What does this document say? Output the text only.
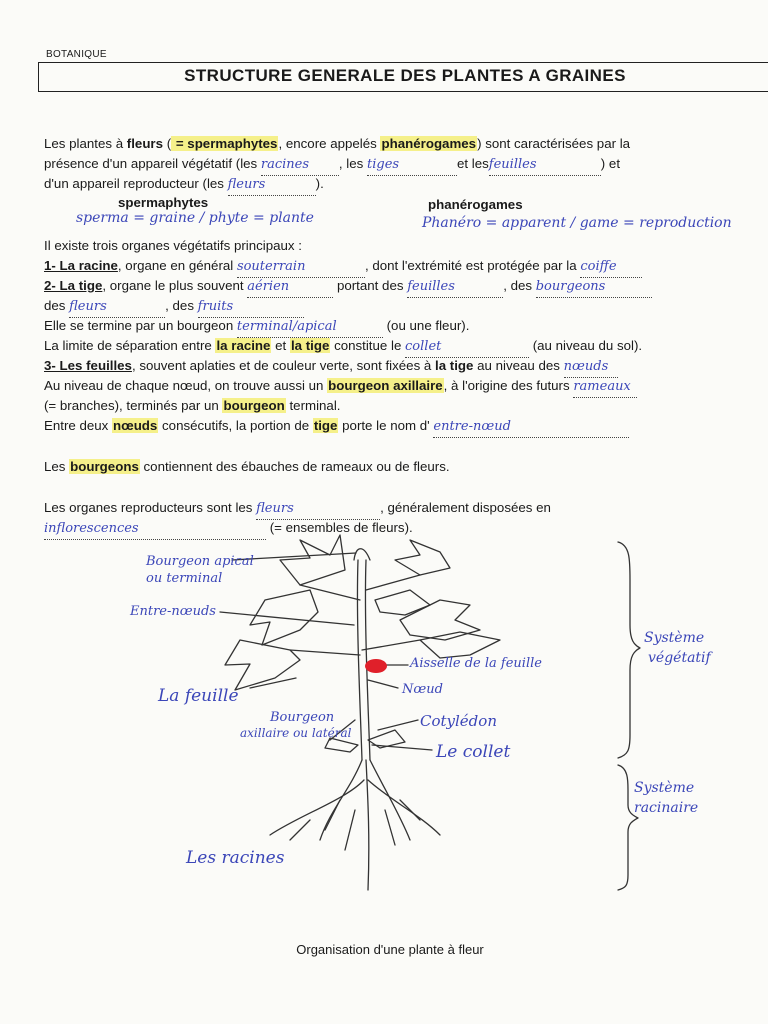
BOTANIQUE
STRUCTURE GENERALE DES PLANTES A GRAINES
Les plantes à fleurs ( = spermaphytes, encore appelés phanérogames) sont caractérisées par la
présence d'un appareil végétatif (les racines , les tiges	et lesfeuilles	) et
d'un appareil reproducteur (les fleurs	).
spermaphytes
sperma = graine / phyte = plante
phanérogames
Phanéro = apparent / game = reproduction
Il existe trois organes végétatifs principaux :
1- La racine, organe en général souterrain	, dont l'extrémité est protégée par la coiffe
2- La tige, organe le plus souvent aérien	portant des feuilles	, des bourgeons
des fleurs	, des fruits
Elle se termine par un bourgeon terminal/apical	(ou une fleur).
La limite de séparation entre la racine et la tige constitue le collet	(au niveau du sol).
3- Les feuilles, souvent aplaties et de couleur verte, sont fixées à la tige au niveau des nœuds
Au niveau de chaque nœud, on trouve aussi un bourgeon axillaire, à l'origine des futurs rameaux
(= branches), terminés par un bourgeon terminal.
Entre deux nœuds consécutifs, la portion de tige porte le nom d' entre-nœud
Les bourgeons contiennent des ébauches de rameaux ou de fleurs.
Les organes reproducteurs sont les fleurs	, généralement disposées en
inflorescences	(= ensembles de fleurs).
Bourgeon apical
ou terminal
Entre-nœuds
La feuille
Bourgeon
axillaire ou latéral
Aisselle de la feuille
Nœud
Cotylédon
Le collet
Les racines
Système
végétatif
Système
racinaire
Organisation d'une plante à fleur
